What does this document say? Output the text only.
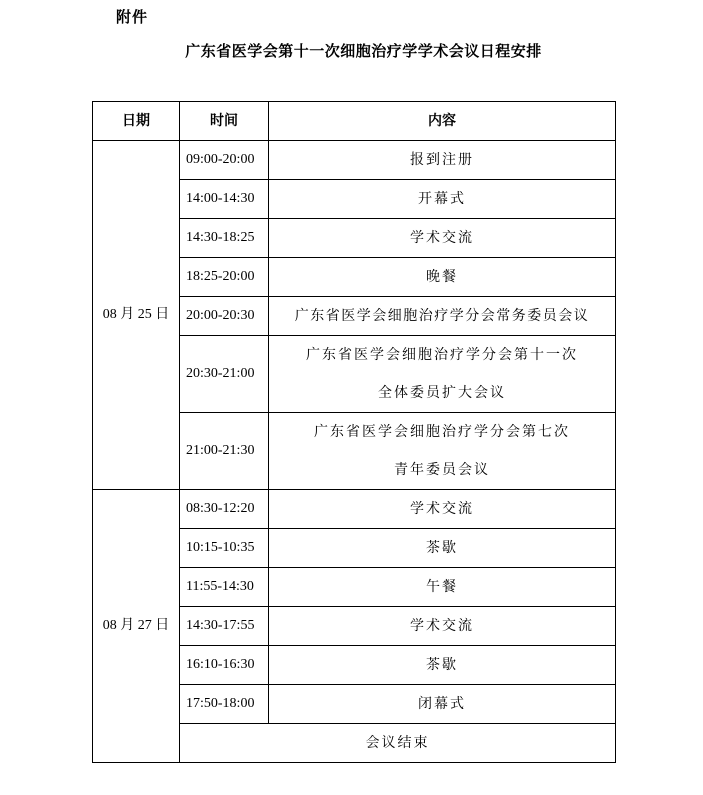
附件
广东省医学会第十一次细胞治疗学学术会议日程安排
日期	时间	内容
08 月 25 日	09:00-20:00	报到注册

	14:00-14:30	开幕式

	14:30-18:25	学术交流

	18:25-20:00	晚餐

	20:00-20:30	广东省医学会细胞治疗学分会常务委员会议

	20:30-21:00	广东省医学会细胞治疗学分会第十一次
全体委员扩大会议

	21:00-21:30	广东省医学会细胞治疗学分会第七次
青年委员会议

08 月 27 日	08:30-12:20	学术交流

	10:15-10:35	茶歇

	11:55-14:30	午餐

	14:30-17:55	学术交流

	16:10-16:30	茶歇

	17:50-18:00	闭幕式

	会议结束	
